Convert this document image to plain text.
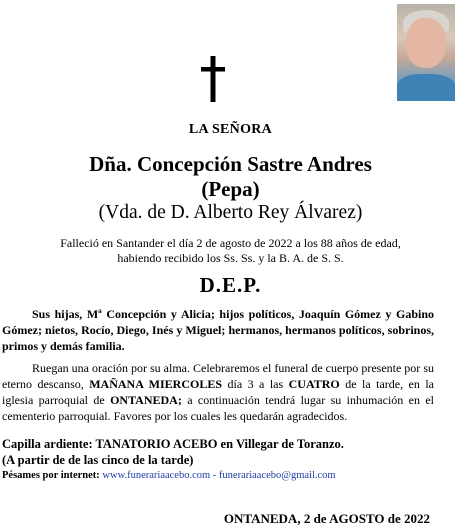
LA SEÑORA
Dña. Concepción Sastre Andres
(Pepa)
(Vda. de D. Alberto Rey Álvarez)
Falleció en Santander el día 2 de agosto de 2022 a los 88 años de edad,
habiendo recibido los Ss. Ss. y la B. A. de S. S.
D.E.P.
Sus hijas, Mª Concepción y Alicia; hijos políticos, Joaquín Gómez y Gabino Gómez; nietos, Rocío, Diego, Inés y Miguel; hermanos, hermanos políticos, sobrinos, primos y demás familia.
Ruegan una oración por su alma. Celebraremos el funeral de cuerpo presente por su eterno descanso, MAÑANA MIERCOLES día 3 a las CUATRO de la tarde, en la iglesia parroquial de ONTANEDA; a continuación tendrá lugar su inhumación en el cementerio parroquial. Favores por los cuales les quedarán agradecidos.
Capilla ardiente: TANATORIO ACEBO en Villegar de Toranzo.
(A partir de de las cinco de la tarde)
Pésames por internet: www.funerariaacebo.com - funerariaacebo@gmail.com
ONTANEDA, 2 de AGOSTO de 2022
